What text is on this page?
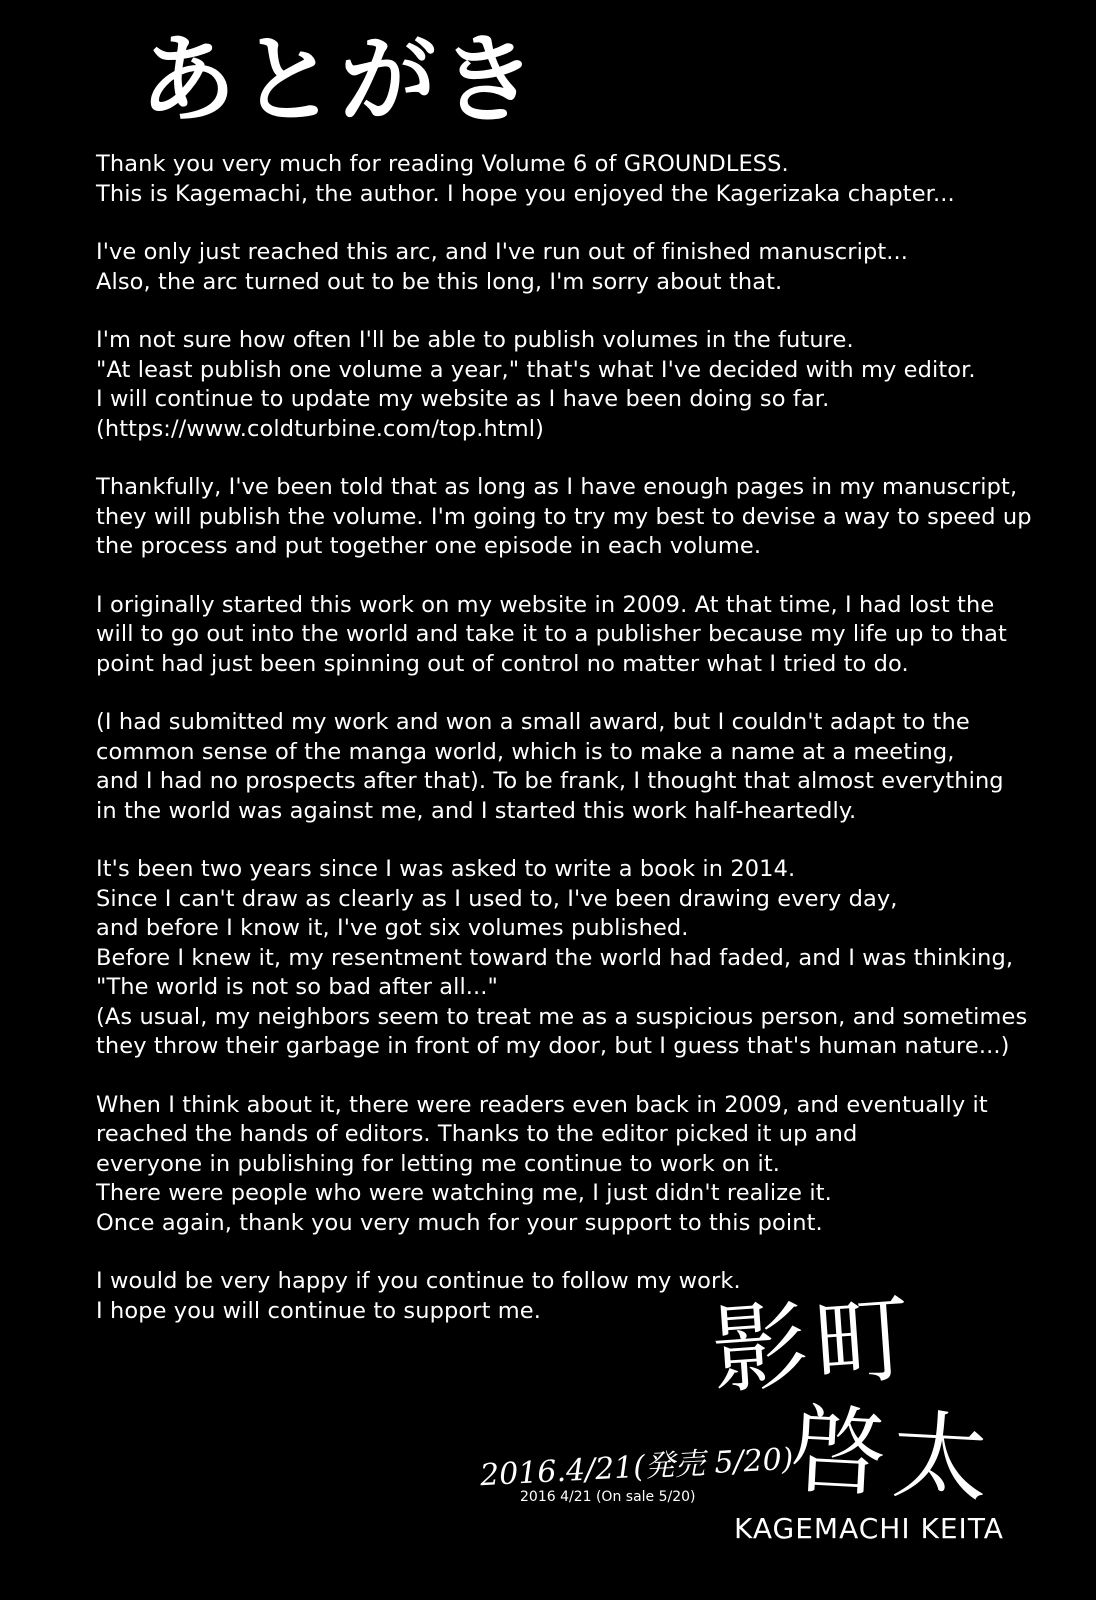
あとがき
Thank you very much for reading Volume 6 of GROUNDLESS.
This is Kagemachi, the author. I hope you enjoyed the Kagerizaka chapter...
I've only just reached this arc, and I've run out of finished manuscript...
Also, the arc turned out to be this long, I'm sorry about that.
I'm not sure how often I'll be able to publish volumes in the future.
"At least publish one volume a year," that's what I've decided with my editor.
I will continue to update my website as I have been doing so far.
(https://www.coldturbine.com/top.html)
Thankfully, I've been told that as long as I have enough pages in my manuscript,
they will publish the volume. I'm going to try my best to devise a way to speed up
the process and put together one episode in each volume.
I originally started this work on my website in 2009. At that time, I had lost the
will to go out into the world and take it to a publisher because my life up to that
point had just been spinning out of control no matter what I tried to do.
(I had submitted my work and won a small award, but I couldn't adapt to the
common sense of the manga world, which is to make a name at a meeting,
and I had no prospects after that). To be frank, I thought that almost everything
in the world was against me, and I started this work half-heartedly.
It's been two years since I was asked to write a book in 2014.
Since I can't draw as clearly as I used to, I've been drawing every day,
and before I know it, I've got six volumes published.
Before I knew it, my resentment toward the world had faded, and I was thinking,
"The world is not so bad after all..."
(As usual, my neighbors seem to treat me as a suspicious person, and sometimes
they throw their garbage in front of my door, but I guess that's human nature...)
When I think about it, there were readers even back in 2009, and eventually it
reached the hands of editors. Thanks to the editor picked it up and
everyone in publishing for letting me continue to work on it.
There were people who were watching me, I just didn't realize it.
Once again, thank you very much for your support to this point.
I would be very happy if you continue to follow my work.
I hope you will continue to support me.	影町
啓太
2016.4/21(発売 5/20)
2016 4/21 (On sale 5/20)
KAGEMACHI KEITA
